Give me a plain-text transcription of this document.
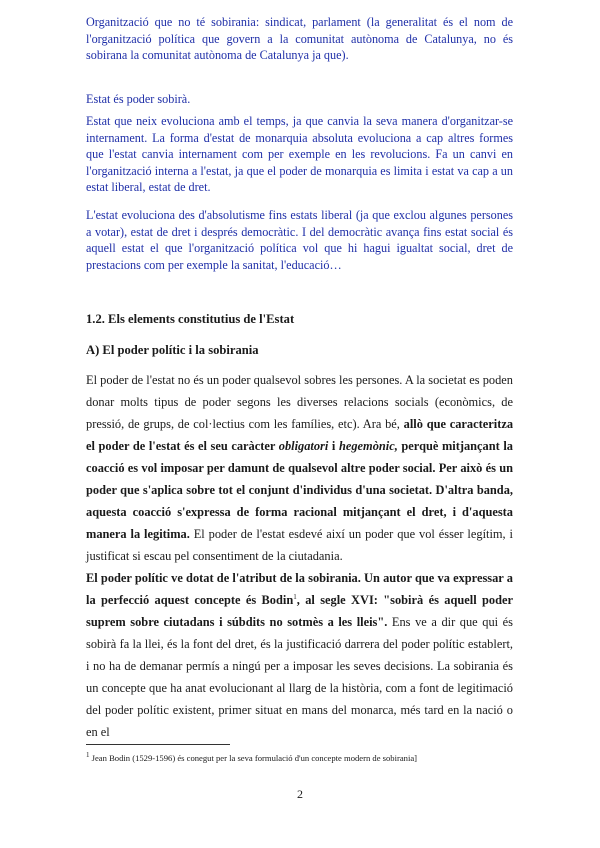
Organització que no té sobirania: sindicat, parlament (la generalitat és el nom de l'organització política que govern a la comunitat autònoma de Catalunya, no és sobirana la comunitat autònoma de Catalunya ja que).

Estat és poder sobirà.

Estat que neix evoluciona amb el temps, ja que canvia la seva manera d'organitzar-se internament. La forma d'estat de monarquia absoluta evoluciona a cap altres formes que l'estat canvia internament com per exemple en les revolucions. Fa un canvi en l'organització interna a l'estat, ja que el poder de monarquia es limita i estat va cap a un estat liberal, estat de dret.

L'estat evoluciona des d'absolutisme fins estats liberal (ja que exclou algunes persones a votar), estat de dret i després democràtic. I del democràtic avança fins estat social és aquell estat el que l'organització política vol que hi hagui igualtat social, dret de prestacions com per exemple la sanitat, l'educació…

1.2. Els elements constitutius de l'Estat

A) El poder polític i la sobirania

El poder de l'estat no és un poder qualsevol sobres les persones. A la societat es poden donar molts tipus de poder segons les diverses relacions socials (econòmics, de pressió, de grups, de col·lectius com les famílies, etc). Ara bé, allò que caracteritza el poder de l'estat és el seu caràcter obligatori i hegemònic, perquè mitjançant la coacció es vol imposar per damunt de qualsevol altre poder social. Per això és un poder que s'aplica sobre tot el conjunt d'individus d'una societat. D'altra banda, aquesta coacció s'expressa de forma racional mitjançant el dret, i d'aquesta manera la legitima. El poder de l'estat esdevé així un poder que vol ésser legítim, i justificat si escau pel consentiment de la ciutadania.

El poder polític ve dotat de l'atribut de la sobirania. Un autor que va expressar a la perfecció aquest concepte és Bodin$^1$, al segle XVI: "sobirà és aquell poder suprem sobre ciutadans i súbdits no sotmès a les lleis". Ens ve a dir que qui és sobirà fa la llei, és la font del dret, és la justificació darrera del poder polític establert, i no ha de demanar permís a ningú per a imposar les seves decisions. La sobirania és un concepte que ha anat evolucionant al llarg de la història, com a font de legitimació del poder polític existent, primer situat en mans del monarca, més tard en la nació o en el

$^1$ Jean Bodin (1529-1596) és conegut per la seva formulació d'un concepte modern de sobirania]
2
